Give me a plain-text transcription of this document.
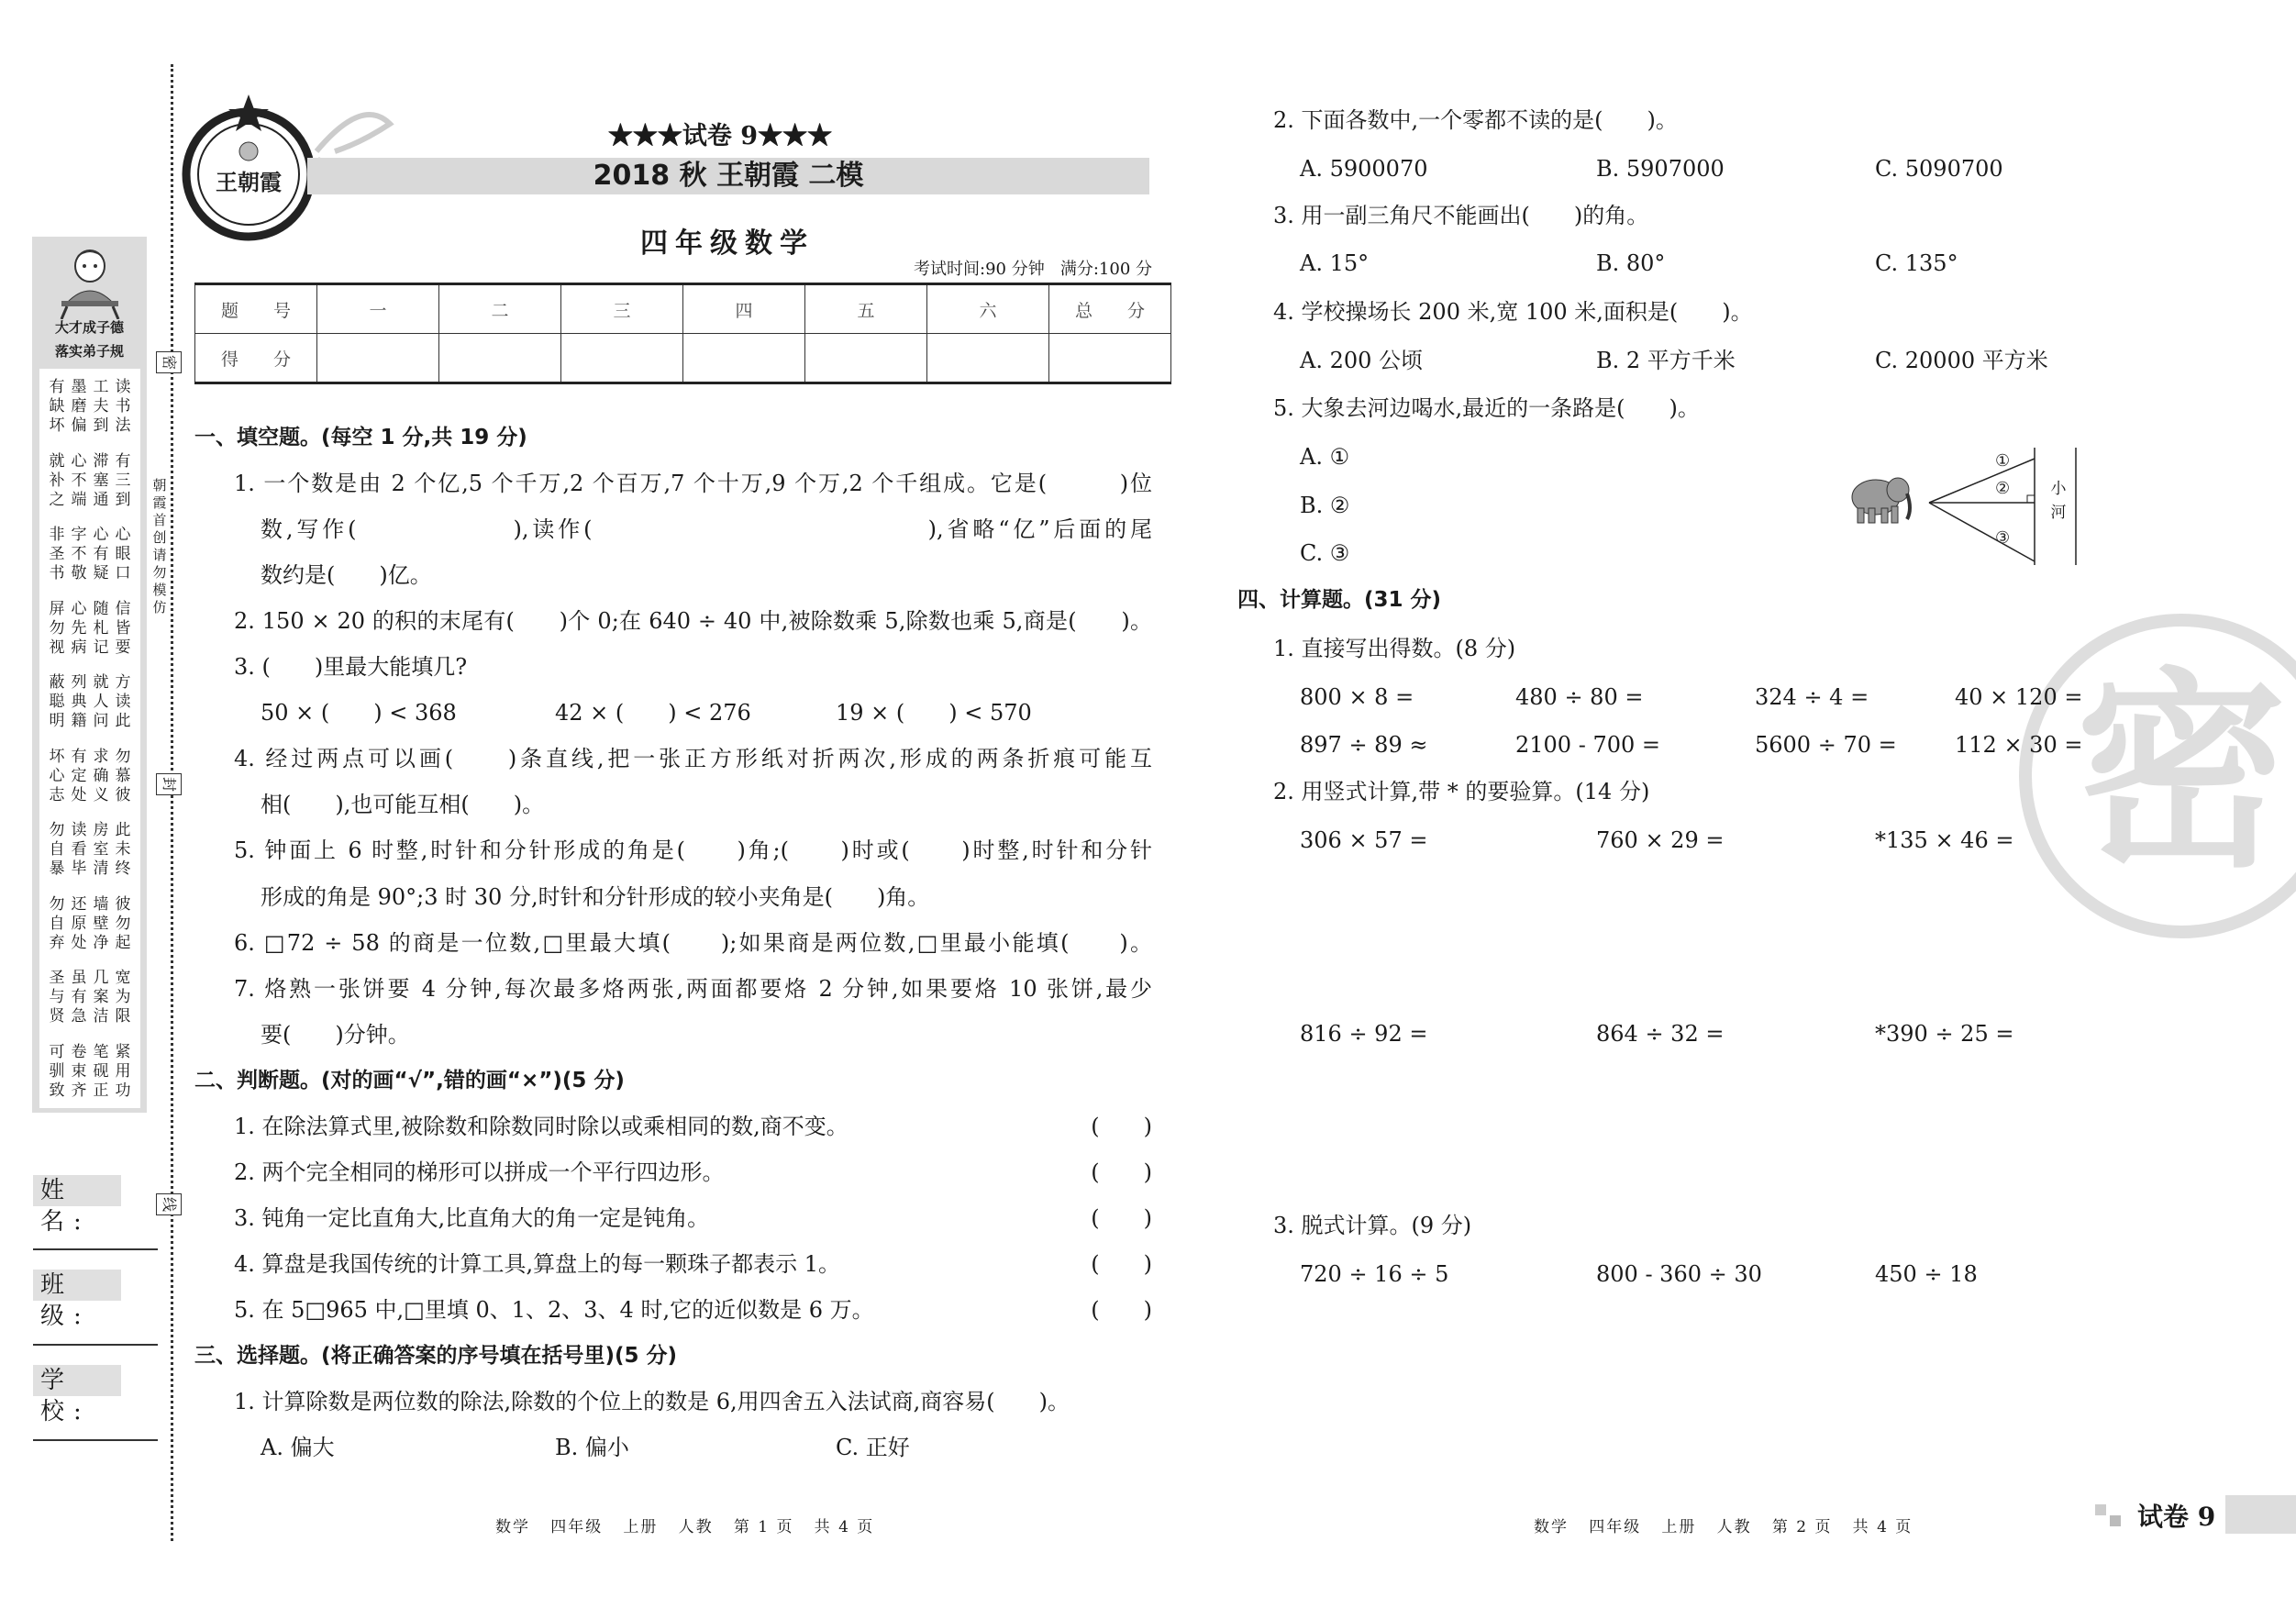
密
密
封
线
朝霞首创 请勿模仿
大才成子德
落实弟子规
有墨工读
缺磨夫书
坏偏到法
就心滞有
补不塞三
之端通到
非字心心
圣不有眼
书敬疑口
屏心随信
勿先札皆
视病记要
蔽列就方
聪典人读
明籍问此
坏有求勿
心定确慕
志处义彼
勿读房此
自看室未
暴毕清终
勿还墙彼
自原壁勿
弃处净起
圣虽几宽
与有案为
贤急洁限
可卷笔紧
驯束砚用
致齐正功
姓 名:
班 级:
学 校:
王朝霞
★★★试卷 9★★★
2018 秋 王朝霞 二模
四年级数学
考试时间:90 分钟   满分:100 分
题 号	一	二	三	四	五	六	总 分
得 分							
一、填空题。(每空 1 分,共 19 分)
1. 一个数是由 2 个亿,5 个千万,2 个百万,7 个十万,9 个万,2 个千组成。它是(　　　)位
数,写作(　　　　　　),读作(　　　　　　　　　　　　　),省略“亿”后面的尾
数约是(　　)亿。
2. 150 × 20 的积的末尾有(　　)个 0;在 640 ÷ 40 中,被除数乘 5,除数也乘 5,商是(　　)。
3. (　　)里最大能填几?
50 × (　　) < 368	42 × (　　) < 276	19 × (　　) < 570
4. 经过两点可以画(　　)条直线,把一张正方形纸对折两次,形成的两条折痕可能互
相(　　),也可能互相(　　)。
5. 钟面上 6 时整,时针和分针形成的角是(　　)角;(　　)时或(　　)时整,时针和分针
形成的角是 90°;3 时 30 分,时针和分针形成的较小夹角是(　　)角。
6. □72 ÷ 58 的商是一位数,□里最大填(　　);如果商是两位数,□里最小能填(　　)。
7. 烙熟一张饼要 4 分钟,每次最多烙两张,两面都要烙 2 分钟,如果要烙 10 张饼,最少
要(　　)分钟。
二、判断题。(对的画“√”,错的画“×”)(5 分)
1. 在除法算式里,被除数和除数同时除以或乘相同的数,商不变。	(　　)
2. 两个完全相同的梯形可以拼成一个平行四边形。	(　　)
3. 钝角一定比直角大,比直角大的角一定是钝角。	(　　)
4. 算盘是我国传统的计算工具,算盘上的每一颗珠子都表示 1。	(　　)
5. 在 5□965 中,□里填 0、1、2、3、4 时,它的近似数是 6 万。	(　　)
三、选择题。(将正确答案的序号填在括号里)(5 分)
1. 计算除数是两位数的除法,除数的个位上的数是 6,用四舍五入法试商,商容易(　　)。
A. 偏大	B. 偏小	C. 正好
2. 下面各数中,一个零都不读的是(　　)。
A. 5900070	B. 5907000	C. 5090700
3. 用一副三角尺不能画出(　　)的角。
A. 15°	B. 80°	C. 135°
4. 学校操场长 200 米,宽 100 米,面积是(　　)。
A. 200 公顷	B. 2 平方千米	C. 20000 平方米
5. 大象去河边喝水,最近的一条路是(　　)。
A. ①
B. ②
C. ③
四、计算题。(31 分)
1. 直接写出得数。(8 分)
800 × 8 =	480 ÷ 80 =	324 ÷ 4 =	40 × 120 =
897 ÷ 89 ≈	2100 - 700 =	5600 ÷ 70 =	112 × 30 =
2. 用竖式计算,带 * 的要验算。(14 分)
306 × 57 =	760 × 29 =	*135 × 46 =
816 ÷ 92 =	864 ÷ 32 =	*390 ÷ 25 =
3. 脱式计算。(9 分)
720 ÷ 16 ÷ 5	800 - 360 ÷ 30	450 ÷ 18
①
②
③
小河
数学   四年级   上册   人教   第 1 页   共 4 页	数学   四年级   上册   人教   第 2 页   共 4 页	试卷 9
